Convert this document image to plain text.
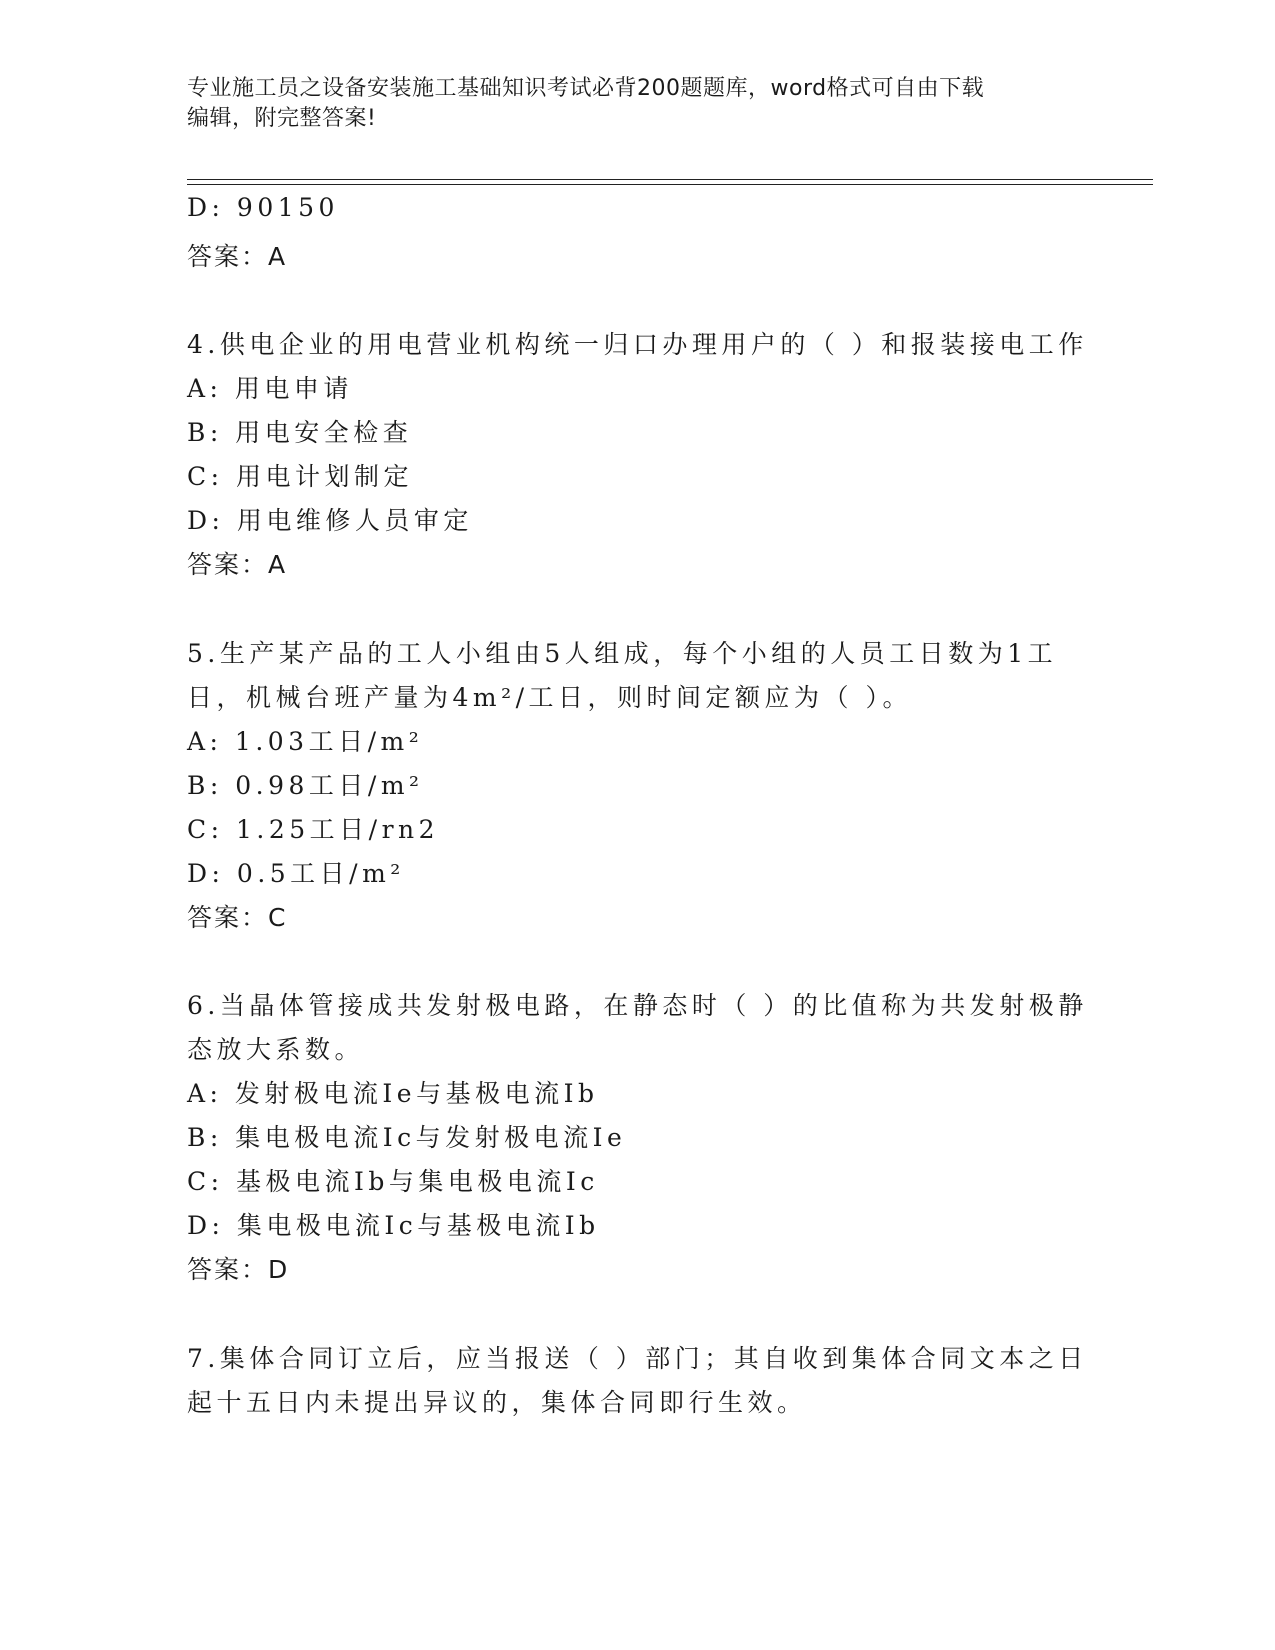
专业施工员之设备安装施工基础知识考试必背200题题库，word格式可自由下载
编辑，附完整答案!
D: 90150
答案：A
4.供电企业的用电营业机构统一归口办理用户的（ ）和报装接电工作
A: 用电申请
B: 用电安全检查
C: 用电计划制定
D: 用电维修人员审定
答案：A
5.生产某产品的工人小组由5人组成，每个小组的人员工日数为1工
日，机械台班产量为4m²/工日，则时间定额应为（ ）。
A: 1.03工日/m²
B: 0.98工日/m²
C: 1.25工日/rn2
D: 0.5工日/m²
答案：C
6.当晶体管接成共发射极电路，在静态时（ ）的比值称为共发射极静
态放大系数。
A: 发射极电流Ie与基极电流Ib
B: 集电极电流Ic与发射极电流Ie
C: 基极电流Ib与集电极电流Ic
D: 集电极电流Ic与基极电流Ib
答案：D
7.集体合同订立后，应当报送（ ）部门；其自收到集体合同文本之日
起十五日内未提出异议的，集体合同即行生效。
